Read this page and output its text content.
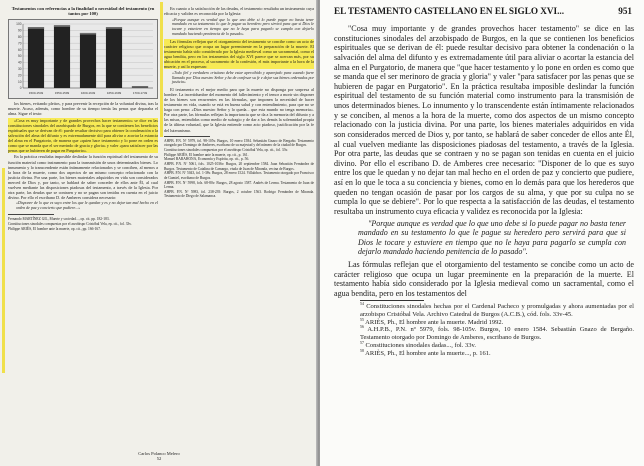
Testamentos con referencias a la finalidad o necesidad del testamento (en tantos por 100)
0
10
20
30
40
50
60
70
80
90
100
1500-1549	1550-1599	1600-1649	1650-1699	1700-1749

los bienes, evitando pleitos, y para prevenir la recepción de la voluntad divina, tras la muerte. Acaso, además, como hombre de su tiempo temía las penas que deparaba el alma. Sigue el texto:

«Cosa es muy importante y de grandes provechos hacer testamento» se dice en las constituciones sinodales del arzobispado de Burgos, en la que se contienen los beneficios espirituales que se derivan de él: puede resultar decisivo para obtener la condenación o la salvación del alma del difunto y es extremadamente útil para aliviar o acortar la estancia del alma en el Purgatorio, de manera que «quien hace testamento y lo pone en orden es como que se manda que el ser merindo de gracia y gloria» y valer «para satisfacer por las penas que se hubieren de pagar en Purgatorio».

En la práctica resultaba imposible deslindar la función espiritual del testamento de su función material como instrumento para la transmisión de unos determinados bienes. Lo innumento y lo transcendente están íntimamente relacionados y se conciben, al menos a la hora de la muerte, como dos aspectos de un mismo concepto relacionado con la justicia divina. Por una parte, los bienes materiales adquiridos en vida son considerados merced de Dios y, por tanto, se hablará de saber conceder de ellos ante Él, al cual vuelven mediante las disposiciones piadosas del testamento, a través de la Iglesia. Por otra parte, las deudas que se contraen y no se pagan son tenidas en cuenta en el juicio divino. Por ello el escribano D. de Amberes considera necesario:

«Disponer de lo que es suyo entre los que le quedan y es y no dejar tan mal hecho en el orden de paz y concierto que pudiere...»

Fernando MARTÍNEZ GIL, Muerte y sociedad..., op. cit. pp. 182-183.

Constituciones sinodales compuestas por el arzobispo Cristóbal Vela, ep. cit., fol. 33v.

Philippe ARIÈS, El hombre ante la muerte, op. cit., pp. 166-167.

En cuanto a la satisfacción de las deudas, el testamento resultaba un instrumento cuya eficacia y validez es reconocida por la Iglesia:

«Porque aunque es verdad que lo que uno debe si lo puede pagar no basta tener mandado en su testamento lo que le pague su heredero pero sirvirá para que si Dios le tocare y estuviere en tiempo que no le haya para pagarlo se cumpla con dejarlo mandado haciendo penitencia de lo pasado»

Las fórmulas reflejan que el otorgamiento del testamento se concibe como un acto de carácter religioso que ocupa un lugar preeminente en la preparación de la muerte. El testamento había sido considerado por la Iglesia medieval como un sacramental, como el agua bendita, pero en los testamentos del siglo XVI parece que se acercan más, por su ubicación en el proceso, al sacramento de la confesión, el más importante a la hora de la muerte, y así lo expresan:

«Todo fiel y verdadero cristiano debe estar apercibido y aparejado para cuando fuere llamado por Dios nuestro Señor y ha de confesar su fe e dejar sus bienes ordenados por justicia»

El testamento es el mejor medio para que la muerte no disponga por sorpresa al hombre. La incertidumbre del momento del fallecimiento y el temor a morir sin disponer de los bienes son recurrentes en las fórmulas, que imponen la necesidad de hacer testamento en vida, cuando se está en buena salud y con entendimiento, para que no se haga con pena: «Dios nuestro Señor y lo queda... que esta mundo no tenga memoria». Por otra parte, las fórmulas reflejan la importancia que se da a la memoria del difunto y a las misas, entendidas como medio de sufragio y de dar a los demás la solemnidad propia de la última voluntad, que la Iglesia entiende como acto piadoso, justificación por la fe del luteranismo.

AHPB. P.N. Nº 5979, fol. 98-105v. Burgos, 10 enero 1584. Sebastián Gnazo de Bergaño. Testamento otorgado por Domingo de Amberes, escribano de su majestad y del número de la ciudad de Burgos.

Constituciones sinodales compuestas por el arzobispo Cristóbal Vela, op. cit., fol. 33v.

Philippe ARIÈS, El hombre ante la muerte, op. cit., p. 161.

Manuel BARAHONA, Economía y Espíritu, op. cit., p. 56.

AHPB. P.N. Nº 5061, fols. 1025-1036v. Burgos, 20 septiembre 1584. Juan Sebastián Fernández de Burgos. Testamento de Catalina de Camargo, viuda de Juan de Miranda, vecina de Burgos.

AHPB. P.N. Nº 5043, fol. 1-38v. Burgos, 28 enero 1524. Villalobos. Testamento otorgado por Francisco de Gumiel, escribano de Burgos.

AHPB. P.N. Nº 5998, fols. 68-80v. Burgos, 28 agosto 1587. Andrés de Lerma. Testamento de Juan de Lerma.

AHPB. P.N. Nº 5983, fol. 238-239. Burgos, 2 octubre 1563. Rodrigo Fernández de Miranda. Testamento de Diego de Salamanca.

Carlos Polanco Melero
52
EL TESTAMENTO CASTELLANO EN EL SIGLO XVI...	951

"Cosa muy importante y de grandes provechos hacer testamento" se dice en las constituciones sinodales del arzobispado de Burgos, en la que se contienen los beneficios espirituales que se derivan de él: puede resultar decisivo para obtener la condenación o la salvación del alma del difunto y es extremadamente útil para aliviar o acortar la estancia del alma en el Purgatorio, de manera que "que hacer testamento y lo pone en orden es como que se manda que el ser merinoro de gracia y gloria" y valer "para satisfacer por las penas que se hubieren de pagar en Purgatorio". En la práctica resultaba imposible deslindar la función espiritual del testamento de su función material como instrumento para la transmisión de unos determinados bienes. Lo innumento y lo transcendente están íntimamente relacionados y se conciben, al menos a la hora de la muerte, como dos aspectos de un mismo concepto relacionado con la justicia divina. Por una parte, los bienes materiales adquiridos en vida son considerados merced de Dios y, por tanto, se hablará de saber conceder de ellos ante Él, al cual vuelven mediante las disposiciones piadosas del testamento, a través de la Iglesia. Por otra parte, las deudas que se contraen y no se pagan son tenidas en cuenta en el juicio divino. Por ello el escribano D. de Amberes cree necesario: "Disponer de lo que es suyo entre los que le quedan y no dejar tan mal hecho en el orden de paz y concierto que pudiere, así en lo que le toca a su conciencia y bienes, como en lo demás para que los herederos que queden no tengan ocasión de pasar por los cargos de su alma, y que por su culpa no se cumpla lo que se debiere". Por lo que respecta a la satisfacción de las deudas, el testamento resultaba un instrumento cuya eficacia y validez es reconocida por la Iglesia:

"Porque aunque es verdad que lo que uno debe si lo puede pagar no basta tener mandado en su testamento lo que le pague su heredero pero servirá para que si Dios le tocare y estuviere en tiempo que no le haya para pagarlo se cumpla con dejarlo mandado haciendo penitencia de lo pasado".

Las fórmulas reflejan que el otorgamiento del testamento se concibe como un acto de carácter religioso que ocupa un lugar preeminente en la preparación de la muerte. El testamento había sido considerado por la Iglesia medieval como un sacramental, como el agua bendita, pero en los testamentos del

$^{54}$ Constituciones sinodales hechas por el Cardenal Pacheco y promulgadas y ahora aumentadas por el arzobispo Cristóbal Vela. Archivo Catedral de Burgos (A.C.B.), cód. fols. 33v-45.

$^{55}$ ARIÈS, Ph., El hombre ante la muerte. Madrid 1992.

$^{56}$ A.H.P.B., P.N. nº 5979, fols. 98-105v. Burgos, 10 enero 1584. Sebastián Gnazo de Bergaño. Testamento otorgado por Domingo de Amberes, escribano de Burgos.

$^{57}$ Constituciones sinodales dadas..., fol. 33v.

$^{58}$ ARIÈS, Ph., El hombre ante la muerte..., p. 161.
